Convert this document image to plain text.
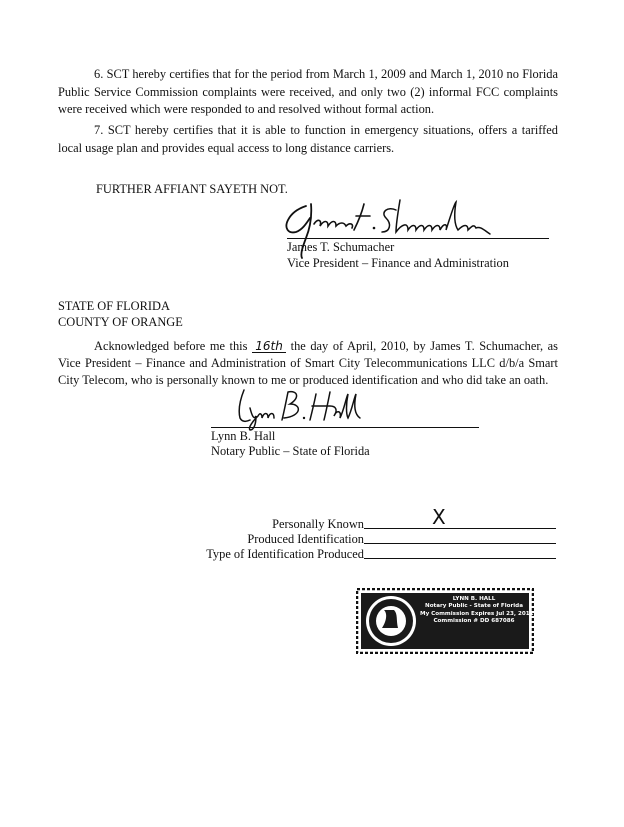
6. SCT hereby certifies that for the period from March 1, 2009 and March 1, 2010 no Florida Public Service Commission complaints were received, and only two (2) informal FCC complaints were received which were responded to and resolved without formal action.

7. SCT hereby certifies that it is able to function in emergency situations, offers a tariffed local usage plan and provides equal access to long distance carriers.

FURTHER AFFIANT SAYETH NOT.
James T. Schumacher
Vice President – Finance and Administration
STATE OF FLORIDA
COUNTY OF ORANGE

Acknowledged before me this 16th the day of April, 2010, by James T. Schumacher, as Vice President – Finance and Administration of Smart City Telecommunications LLC d/b/a Smart City Telecom, who is personally known to me or produced identification and who did take an oath.

Lynn B. Hall
Notary Public – State of Florida
Personally Known	X
Produced Identification
Type of Identification Produced
LYNN B. HALL
Notary Public - State of Florida
My Commission Expires Jul 23, 2011
Commission # DD 687086
